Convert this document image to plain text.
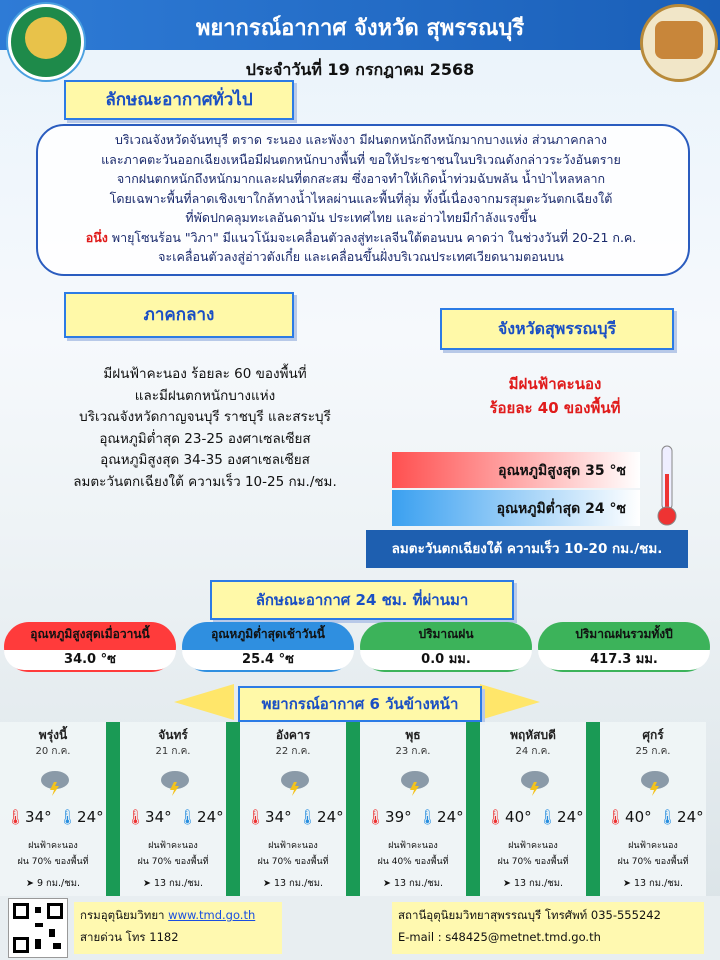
พยากรณ์อากาศ จังหวัด สุพรรณบุรี
ประจำวันที่ 19 กรกฎาคม 2568
ลักษณะอากาศทั่วไป
บริเวณจังหวัดจันทบุรี ตราด ระนอง และพังงา มีฝนตกหนักถึงหนักมากบางแห่ง ส่วนภาคกลาง
และภาคตะวันออกเฉียงเหนือมีฝนตกหนักบางพื้นที่ ขอให้ประชาชนในบริเวณดังกล่าวระวังอันตราย
จากฝนตกหนักถึงหนักมากและฝนที่ตกสะสม ซึ่งอาจทำให้เกิดน้ำท่วมฉับพลัน น้ำป่าไหลหลาก
โดยเฉพาะพื้นที่ลาดเชิงเขาใกล้ทางน้ำไหลผ่านและพื้นที่ลุ่ม ทั้งนี้เนื่องจากมรสุมตะวันตกเฉียงใต้
ที่พัดปกคลุมทะเลอันดามัน ประเทศไทย และอ่าวไทยมีกำลังแรงขึ้น
อนึ่ง พายุโซนร้อน "วิภา" มีแนวโน้มจะเคลื่อนตัวลงสู่ทะเลจีนใต้ตอนบน คาดว่า ในช่วงวันที่ 20-21 ก.ค.
จะเคลื่อนตัวลงสู่อ่าวตังเกี๋ย และเคลื่อนขึ้นฝั่งบริเวณประเทศเวียดนามตอนบน
ภาคกลาง
มีฝนฟ้าคะนอง ร้อยละ 60 ของพื้นที่
และมีฝนตกหนักบางแห่ง
บริเวณจังหวัดกาญจนบุรี ราชบุรี และสระบุรี
อุณหภูมิต่ำสุด 23-25 องศาเซลเซียส
อุณหภูมิสูงสุด 34-35 องศาเซลเซียส
ลมตะวันตกเฉียงใต้ ความเร็ว 10-25 กม./ชม.
จังหวัดสุพรรณบุรี
มีฝนฟ้าคะนอง
ร้อยละ 40 ของพื้นที่
อุณหภูมิสูงสุด 35 °ซ
อุณหภูมิต่ำสุด 24 °ซ
ลมตะวันตกเฉียงใต้ ความเร็ว 10-20 กม./ชม.
ลักษณะอากาศ 24 ชม. ที่ผ่านมา
อุณหภูมิสูงสุดเมื่อวานนี้
34.0 °ซ
อุณหภูมิต่ำสุดเช้าวันนี้
25.4 °ซ
ปริมาณฝน
0.0 มม.
ปริมาณฝนรวมทั้งปี
417.3 มม.
พยากรณ์อากาศ 6 วันข้างหน้า
พรุ่งนี้
20 ก.ค.
🌡34° 🌡24°
ฝนฟ้าคะนอง
ฝน 70% ของพื้นที่
➤ 9 กม./ชม.
จันทร์
21 ก.ค.
🌡34° 🌡24°
ฝนฟ้าคะนอง
ฝน 70% ของพื้นที่
➤ 13 กม./ชม.
อังคาร
22 ก.ค.
🌡34° 🌡24°
ฝนฟ้าคะนอง
ฝน 70% ของพื้นที่
➤ 13 กม./ชม.
พุธ
23 ก.ค.
🌡39° 🌡24°
ฝนฟ้าคะนอง
ฝน 40% ของพื้นที่
➤ 13 กม./ชม.
พฤหัสบดี
24 ก.ค.
🌡40° 🌡24°
ฝนฟ้าคะนอง
ฝน 70% ของพื้นที่
➤ 13 กม./ชม.
ศุกร์
25 ก.ค.
🌡40° 🌡24°
ฝนฟ้าคะนอง
ฝน 70% ของพื้นที่
➤ 13 กม./ชม.
กรมอุตุนิยมวิทยา www.tmd.go.th
สายด่วน โทร 1182
สถานีอุตุนิยมวิทยาสุพรรณบุรี โทรศัพท์ 035-555242
E-mail : s48425@metnet.tmd.go.th
